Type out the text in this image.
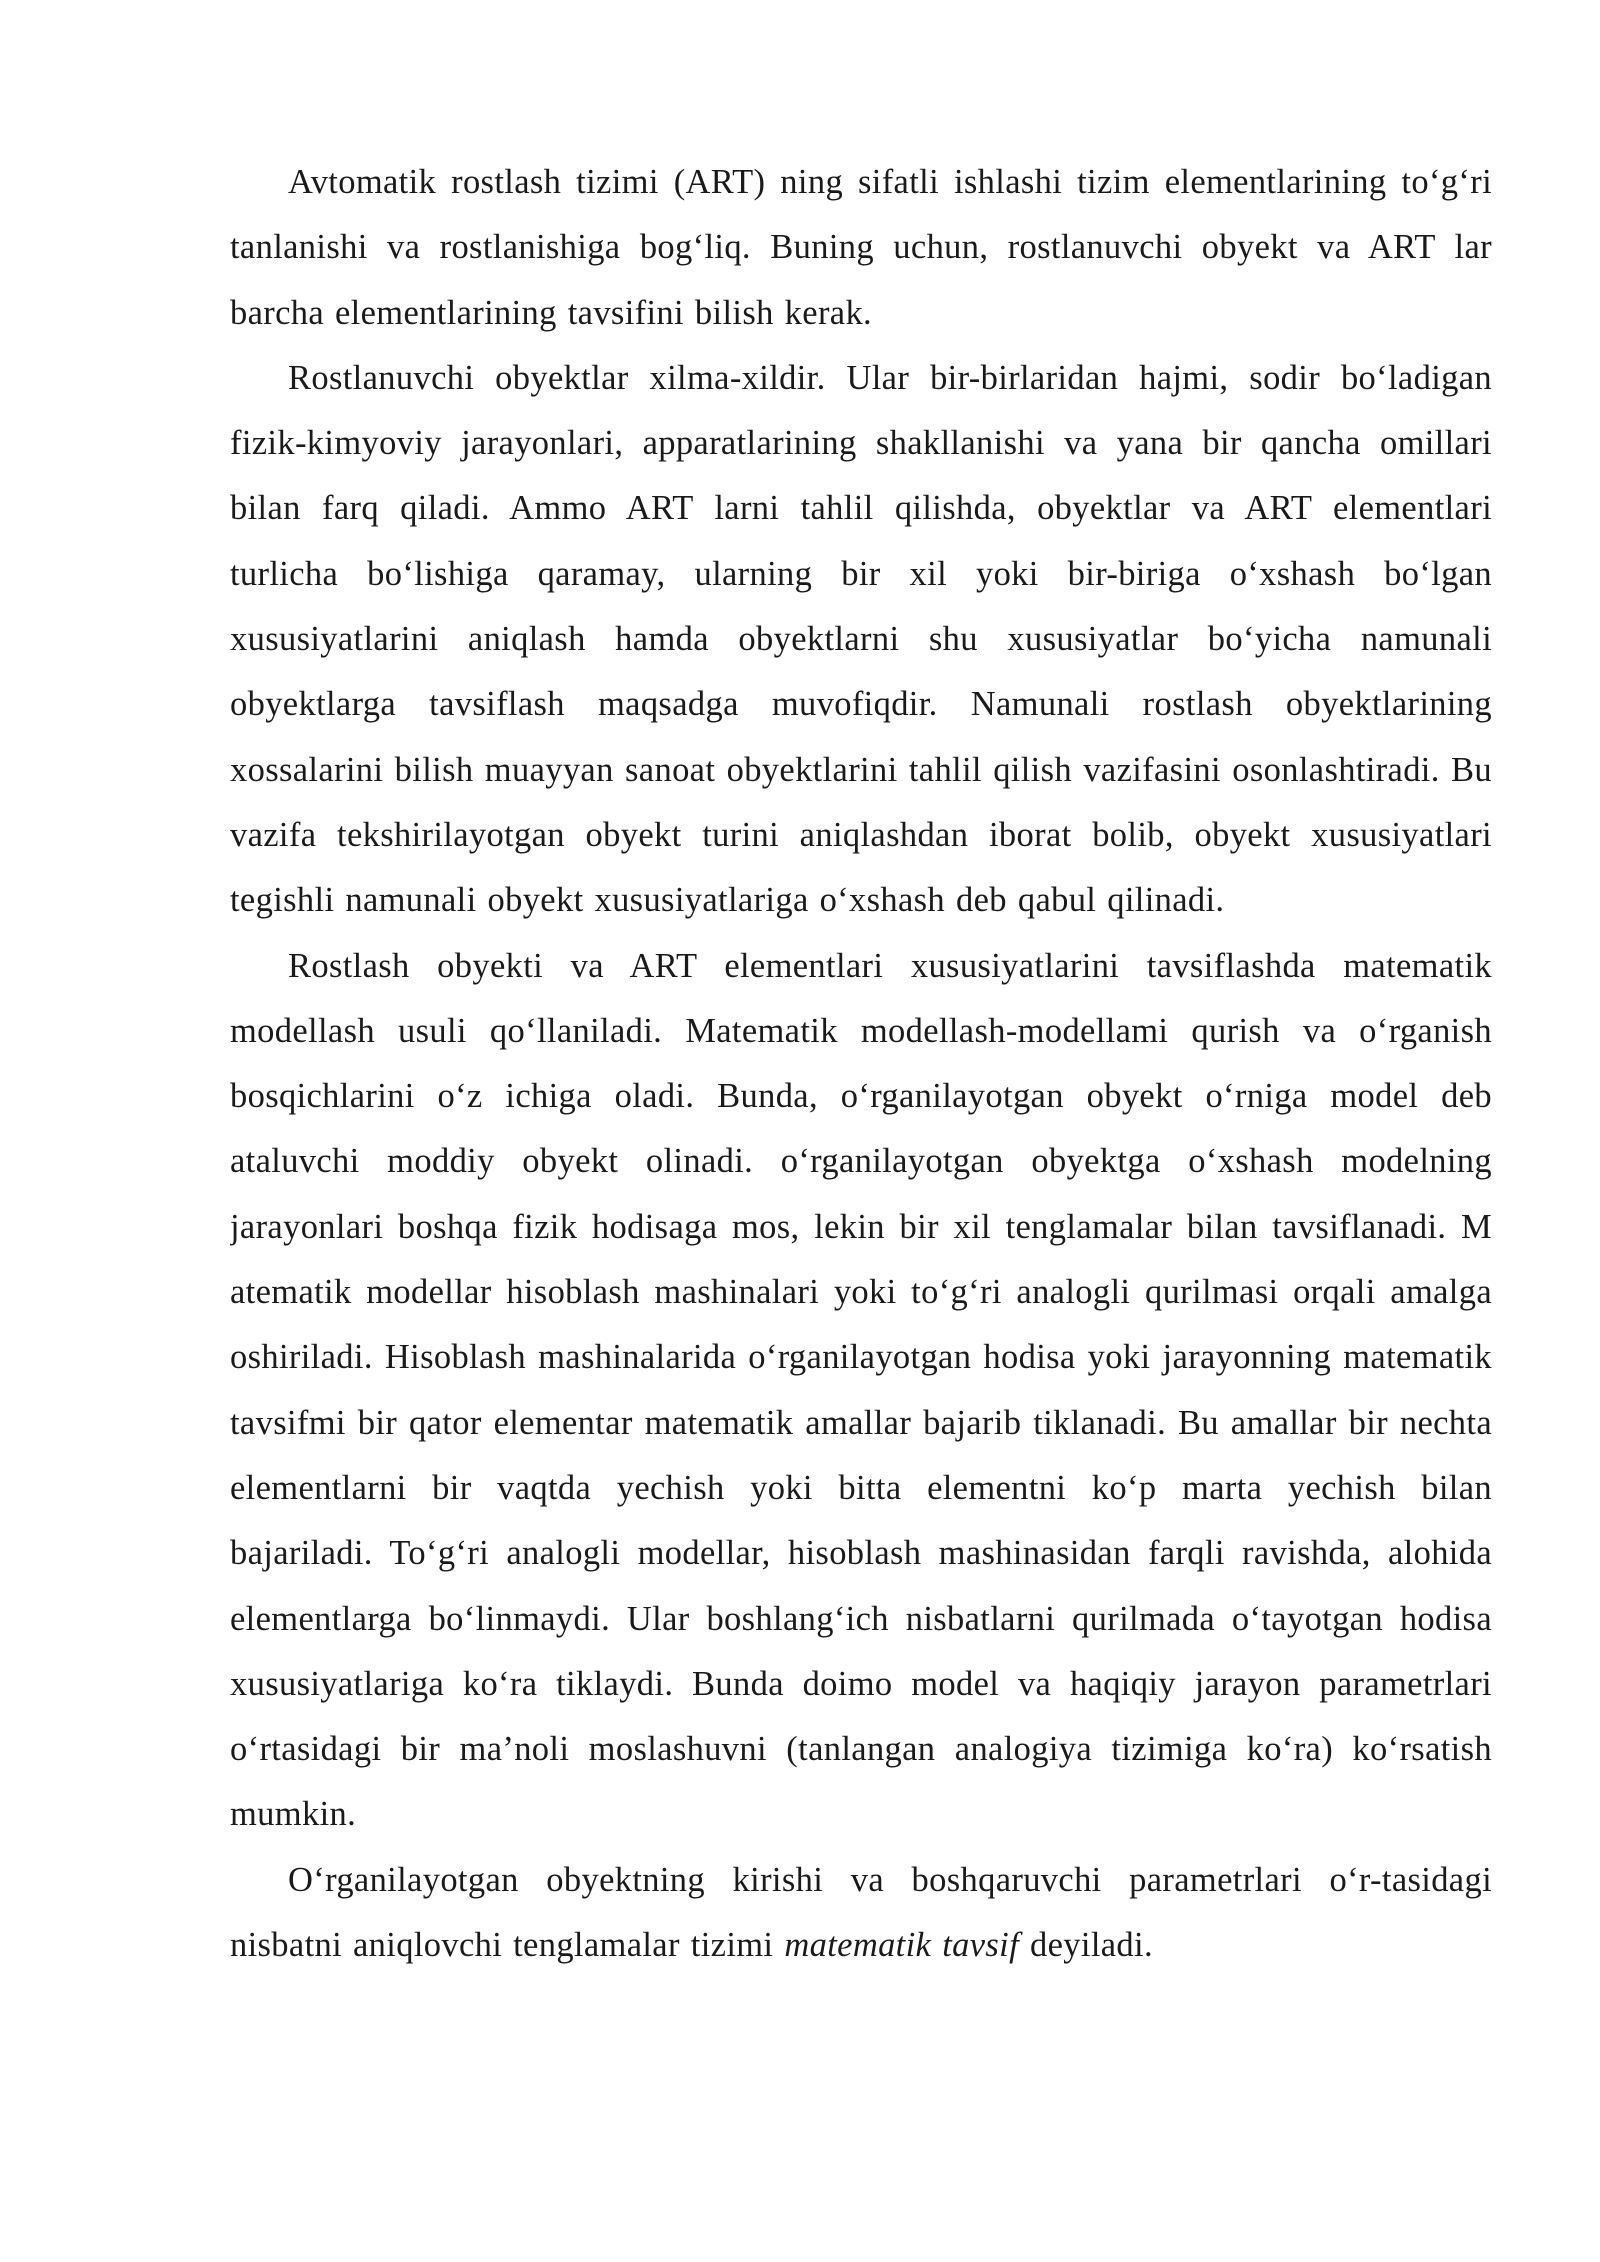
Avtomatik rostlash tizimi (ART) ning sifatli ishlashi tizim elementlarining to‘g‘ri tanlanishi va rostlanishiga bog‘liq. Buning uchun, rostlanuvchi obyekt va ART lar barcha elementlarining tavsifini bilish kerak.

Rostlanuvchi obyektlar xilma-xildir. Ular bir-birlaridan hajmi, sodir bo‘ladigan fizik-kimyoviy jarayonlari, apparatlarining shakllanishi va yana bir qancha omillari bilan farq qiladi. Ammo ART larni tahlil qilishda, obyektlar va ART elementlari turlicha bo‘lishiga qaramay, ularning bir xil yoki bir-biriga o‘xshash bo‘lgan xususiyatlarini aniqlash hamda obyektlarni shu xususiyatlar bo‘yicha namunali obyektlarga tavsiflash maqsadga muvofiqdir. Namunali rostlash obyektlarining xossalarini bilish muayyan sanoat obyektlarini tahlil qilish vazifasini osonlashtiradi. Bu vazifa tekshirilayotgan obyekt turini aniqlashdan iborat bolib, obyekt xususiyatlari tegishli namunali obyekt xususiyatlariga o‘xshash deb qabul qilinadi.

Rostlash obyekti va ART elementlari xususiyatlarini tavsiflashda matematik modellash usuli qo‘llaniladi. Matematik modellash-modellami qurish va o‘rganish bosqichlarini o‘z ichiga oladi. Bunda, o‘rganilayotgan obyekt o‘rniga model deb ataluvchi moddiy obyekt olinadi. o‘rganilayotgan obyektga o‘xshash modelning jarayonlari boshqa fizik hodisaga mos, lekin bir xil tenglamalar bilan tavsiflanadi. M atematik modellar hisoblash mashinalari yoki to‘g‘ri analogli qurilmasi orqali amalga oshiriladi. Hisoblash mashinalarida o‘rganilayotgan hodisa yoki jarayonning matematik tavsifmi bir qator elementar matematik amallar bajarib tiklanadi. Bu amallar bir nechta elementlarni bir vaqtda yechish yoki bitta elementni ko‘p marta yechish bilan bajariladi. To‘g‘ri analogli modellar, hisoblash mashinasidan farqli ravishda, alohida elementlarga bo‘linmaydi. Ular boshlang‘ich nisbatlarni qurilmada o‘tayotgan hodisa xususiyatlariga ko‘ra tiklaydi. Bunda doimo model va haqiqiy jarayon parametrlari o‘rtasidagi bir ma’noli moslashuvni (tanlangan analogiya tizimiga ko‘ra) ko‘rsatish mumkin.

O‘rganilayotgan obyektning kirishi va boshqaruvchi parametrlari o‘r-tasidagi nisbatni aniqlovchi tenglamalar tizimi matematik tavsif deyiladi.
